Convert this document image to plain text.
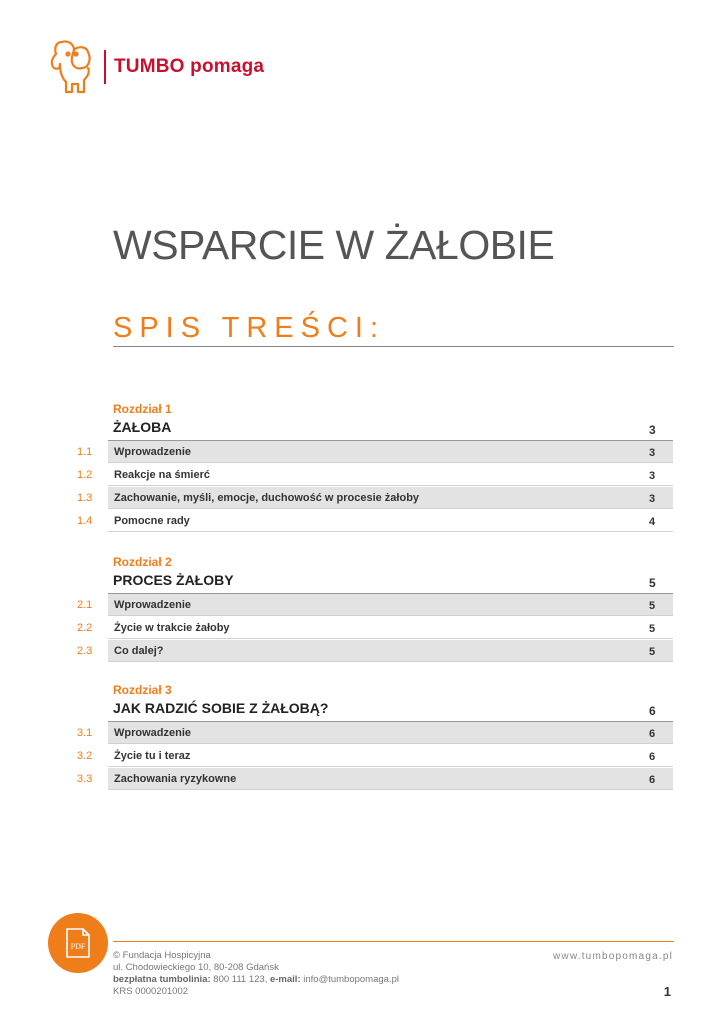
TUMBO pomaga
WSPARCIE W ŻAŁOBIE
SPIS TREŚCI:
Rozdział 1
ŻAŁOBA	3
1.1 Wprowadzenie	3
1.2 Reakcje na śmierć	3
1.3 Zachowanie, myśli, emocje, duchowość w procesie żałoby	3
1.4 Pomocne rady	4
Rozdział 2
PROCES ŻAŁOBY	5
2.1 Wprowadzenie	5
2.2 Życie w trakcie żałoby	5
2.3 Co dalej?	5
Rozdział 3
JAK RADZIĆ SOBIE Z ŻAŁOBĄ?	6
3.1 Wprowadzenie	6
3.2 Życie tu i teraz	6
3.3 Zachowania ryzykowne	6
PDF
© Fundacja Hospicyjna
ul. Chodowieckiego 10, 80-208 Gdańsk
bezpłatna tumbolinia: 800 111 123, e-mail: info@tumbopomaga.pl
KRS 0000201002
www.tumbopomaga.pl
1
